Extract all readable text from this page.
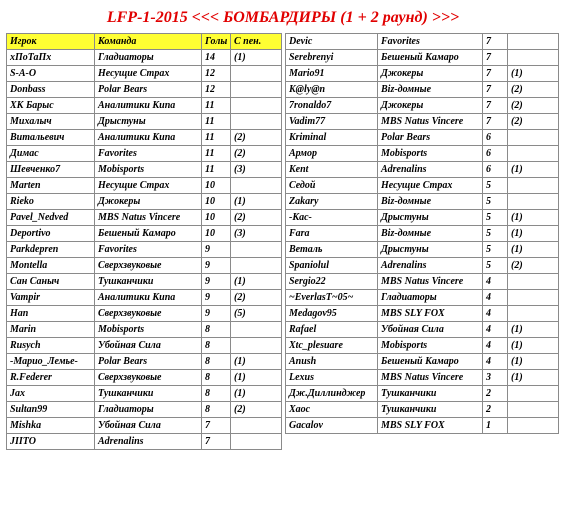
LFP-1-2015 <<< БОМБАРДИРЫ (1 + 2 раунд) >>>
Игрок	Команда	Голы	С пен.
хПоТаПх	Гладиаторы	14	(1)
S-A-O	Несущие Страх	12	
Donbass	Polar Bears	12	
ХК Барыс	Аналитики Кипа	11	
Михалыч	Дрыстуны	11	
Витальевич	Аналитики Кипа	11	(2)
Димас	Favorites	11	(2)
Шевченко7	Mobisports	11	(3)
Marten	Несущие Страх	10	
Rieko	Джокеры	10	(1)
Pavel_Nedved	MBS Natus Vincere	10	(2)
Deportivo	Бешеный Камаро	10	(3)
Parkdepren	Favorites	9	
Montella	Сверхзвуковые	9	
Сан Саныч	Тушканчики	9	(1)
Vampir	Аналитики Кипа	9	(2)
Han	Сверхзвуковые	9	(5)
Marin	Mobisports	8	
Rusych	Убойная Сила	8	
-Марио_Лемье-	Polar Bears	8	(1)
R.Federer	Сверхзвуковые	8	(1)
Jax	Тушканчики	8	(1)
Sultan99	Гладиаторы	8	(2)
Mishka	Убойная Сила	7	
JIITO	Adrenalins	7	
Devic	Favorites	7	
Serebrenyi	Бешеный Камаро	7	
Mario91	Джокеры	7	(1)
K@ly@n	Biz-домные	7	(2)
7ronaldo7	Джокеры	7	(2)
Vadim77	MBS Natus Vincere	7	(2)
Kriminal	Polar Bears	6	
Армор	Mobisports	6	
Kent	Adrenalins	6	(1)
Седой	Несущие Страх	5	
Zakary	Biz-домные	5	
-Кас-	Дрыстуны	5	(1)
Fara	Biz-домные	5	(1)
Веталь	Дрыстуны	5	(1)
Spaniolul	Adrenalins	5	(2)
Sergio22	MBS Natus Vincere	4	
~EverlasT~05~	Гладиаторы	4	
Medagov95	MBS SLY FOX	4	
Rafael	Убойная Сила	4	(1)
Xtc_plesuare	Mobisports	4	(1)
Anush	Бешеный Камаро	4	(1)
Lexus	MBS Natus Vincere	3	(1)
Дж.Диллинджер	Тушканчики	2	
Хаос	Тушканчики	2	
Gacalov	MBS SLY FOX	1	
